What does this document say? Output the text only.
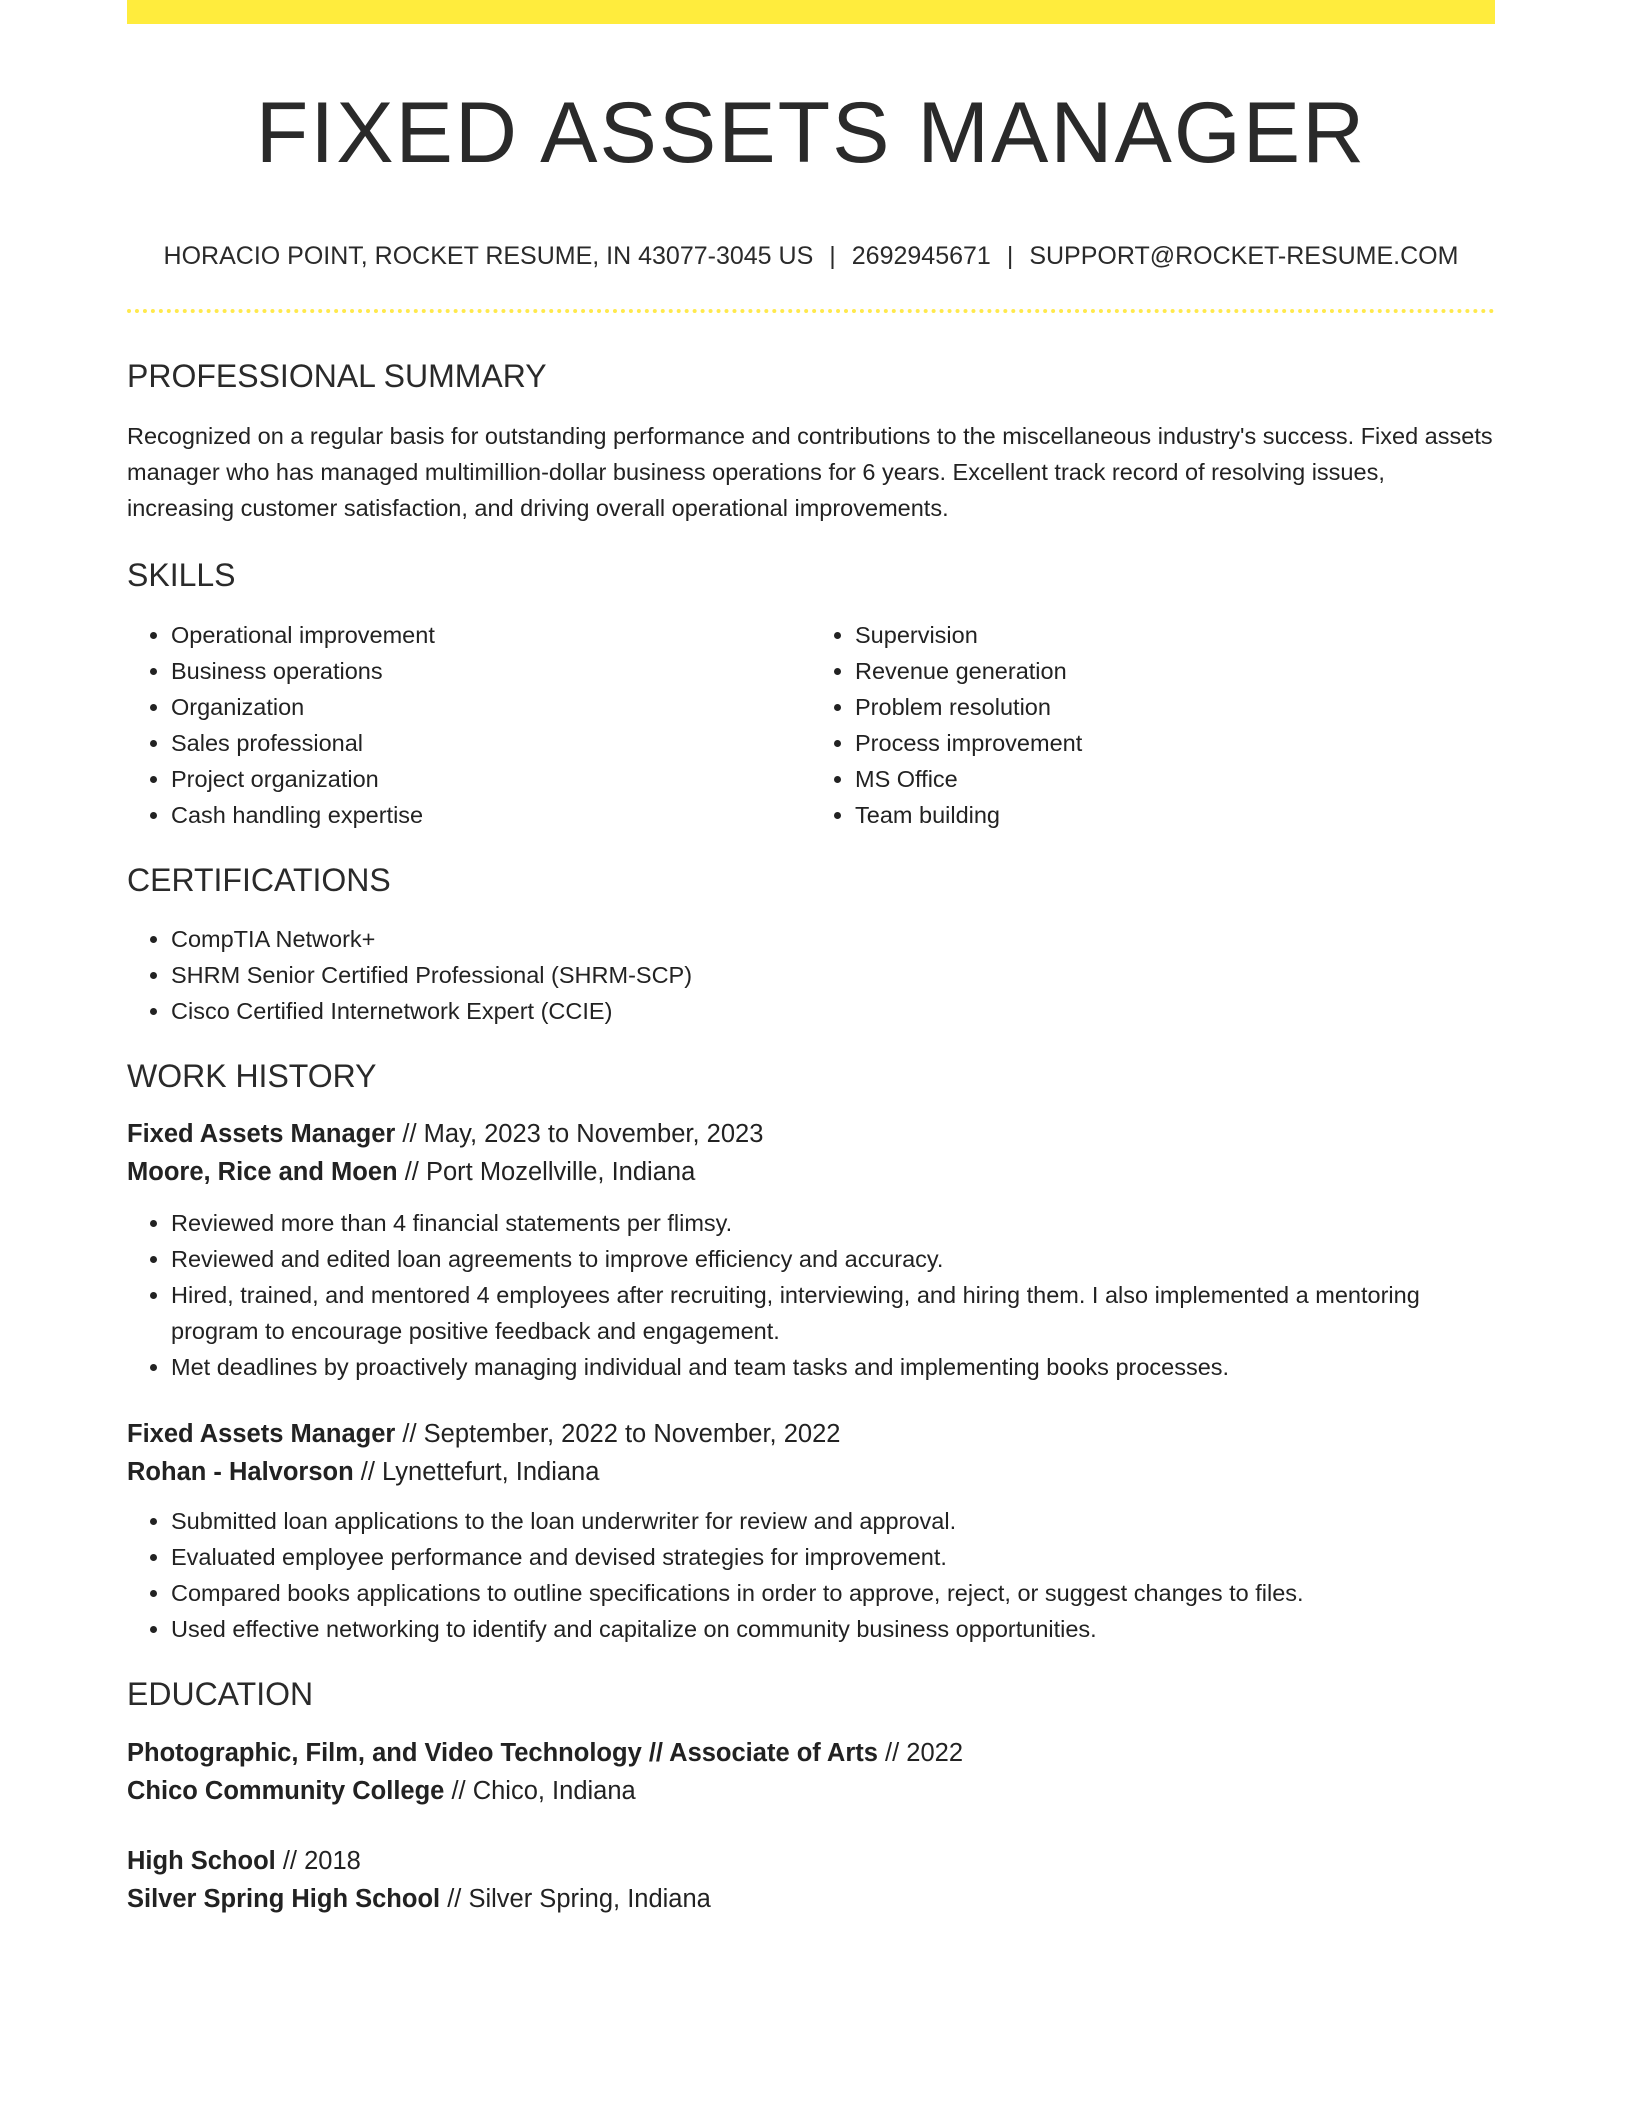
FIXED ASSETS MANAGER
HORACIO POINT, ROCKET RESUME, IN 43077-3045 US | 2692945671 | SUPPORT@ROCKET-RESUME.COM
PROFESSIONAL SUMMARY

Recognized on a regular basis for outstanding performance and contributions to the miscellaneous industry's success. Fixed assets manager who has managed multimillion-dollar business operations for 6 years. Excellent track record of resolving issues, increasing customer satisfaction, and driving overall operational improvements.

SKILLS
• Operational improvement
• Business operations
• Organization
• Sales professional
• Project organization
• Cash handling expertise
• Supervision
• Revenue generation
• Problem resolution
• Process improvement
• MS Office
• Team building
CERTIFICATIONS
• CompTIA Network+
• SHRM Senior Certified Professional (SHRM-SCP)
• Cisco Certified Internetwork Expert (CCIE)
WORK HISTORY
Fixed Assets Manager // May, 2023 to November, 2023
Moore, Rice and Moen // Port Mozellville, Indiana
• Reviewed more than 4 financial statements per flimsy.
• Reviewed and edited loan agreements to improve efficiency and accuracy.
• Hired, trained, and mentored 4 employees after recruiting, interviewing, and hiring them. I also implemented a mentoring program to encourage positive feedback and engagement.
• Met deadlines by proactively managing individual and team tasks and implementing books processes.
Fixed Assets Manager // September, 2022 to November, 2022
Rohan - Halvorson // Lynettefurt, Indiana
• Submitted loan applications to the loan underwriter for review and approval.
• Evaluated employee performance and devised strategies for improvement.
• Compared books applications to outline specifications in order to approve, reject, or suggest changes to files.
• Used effective networking to identify and capitalize on community business opportunities.
EDUCATION
Photographic, Film, and Video Technology // Associate of Arts // 2022
Chico Community College // Chico, Indiana
High School // 2018
Silver Spring High School // Silver Spring, Indiana
